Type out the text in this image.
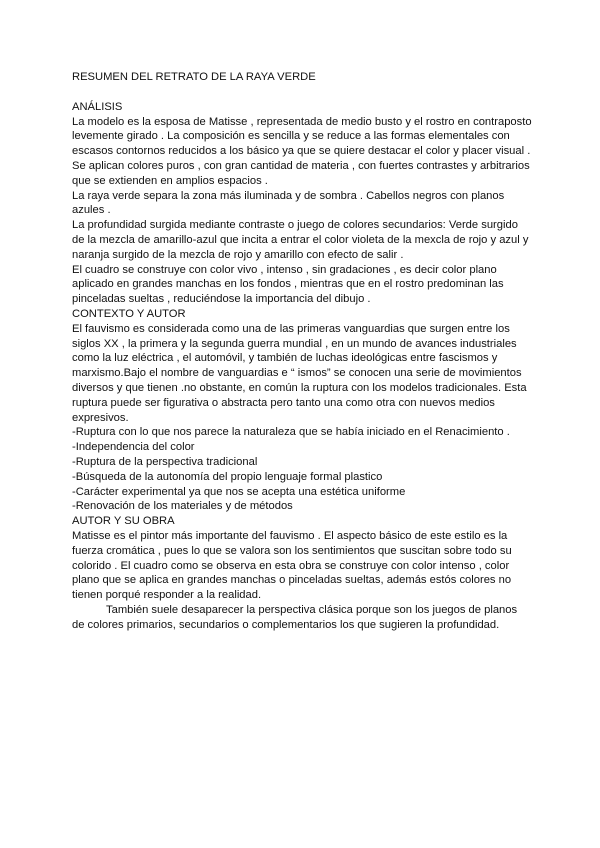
RESUMEN DEL RETRATO DE LA RAYA VERDE

ANÁLISIS

La modelo es la esposa de Matisse , representada de medio busto y el rostro en contraposto levemente girado . La composición es sencilla y se reduce a las formas elementales con escasos contornos reducidos a los básico ya que se quiere destacar el color y placer visual .

Se aplican colores puros , con gran cantidad de materia , con fuertes contrastes y arbitrarios que se extienden en amplios espacios .

La raya verde separa la zona más iluminada y de sombra . Cabellos negros con planos azules .

La profundidad surgida mediante contraste o juego de colores secundarios: Verde surgido de la mezcla de amarillo-azul que incita a entrar el color violeta de la mexcla de rojo y azul y naranja surgido de la mezcla de rojo y amarillo con efecto de salir .

El cuadro se construye con color vivo , intenso , sin gradaciones , es decir color plano aplicado en grandes manchas en los fondos , mientras que en el rostro predominan las pinceladas sueltas , reduciéndose la importancia del dibujo .

CONTEXTO Y AUTOR

El fauvismo es considerada como una de las primeras vanguardias que surgen entre los siglos XX , la primera y la segunda guerra mundial , en un mundo de avances industriales como la luz eléctrica , el automóvil, y también de luchas ideológicas entre fascismos y marxismo.Bajo el nombre de vanguardias e “ ismos” se conocen una serie de movimientos diversos y que tienen .no obstante, en común la ruptura con los modelos tradicionales. Esta ruptura puede ser figurativa o abstracta pero tanto una como otra con nuevos medios expresivos.

-Ruptura con lo que nos parece la naturaleza que se había iniciado en el Renacimiento .

-Independencia del color

-Ruptura de la perspectiva tradicional

-Búsqueda de la autonomía del propio lenguaje formal plastico

-Carácter experimental ya que nos se acepta una estética uniforme

-Renovación de los materiales y de métodos

AUTOR Y SU OBRA

Matisse es el pintor más importante del fauvismo . El aspecto básico de este estilo es la fuerza cromática , pues lo que se valora son los sentimientos que suscitan sobre todo su colorido . El cuadro como se observa en esta obra se construye con color intenso , color plano que se aplica en grandes manchas o pinceladas sueltas, además estós colores no tienen porqué responder a la realidad.

También suele desaparecer la perspectiva clásica porque son los juegos de planos de colores primarios, secundarios o complementarios los que sugieren la profundidad.
